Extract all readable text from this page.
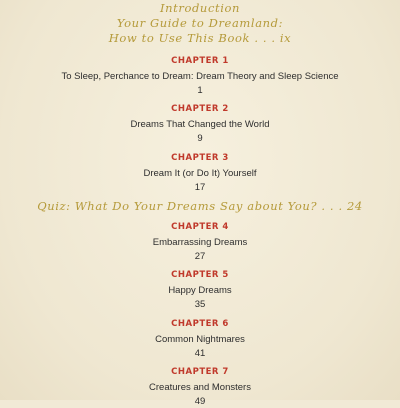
Introduction
Your Guide to Dreamland:
How to Use This Book . . . ix
CHAPTER 1
To Sleep, Perchance to Dream: Dream Theory and Sleep Science
1
CHAPTER 2
Dreams That Changed the World
9
CHAPTER 3
Dream It (or Do It) Yourself
17
Quiz: What Do Your Dreams Say about You? . . . 24
CHAPTER 4
Embarrassing Dreams
27
CHAPTER 5
Happy Dreams
35
CHAPTER 6
Common Nightmares
41
CHAPTER 7
Creatures and Monsters
49
